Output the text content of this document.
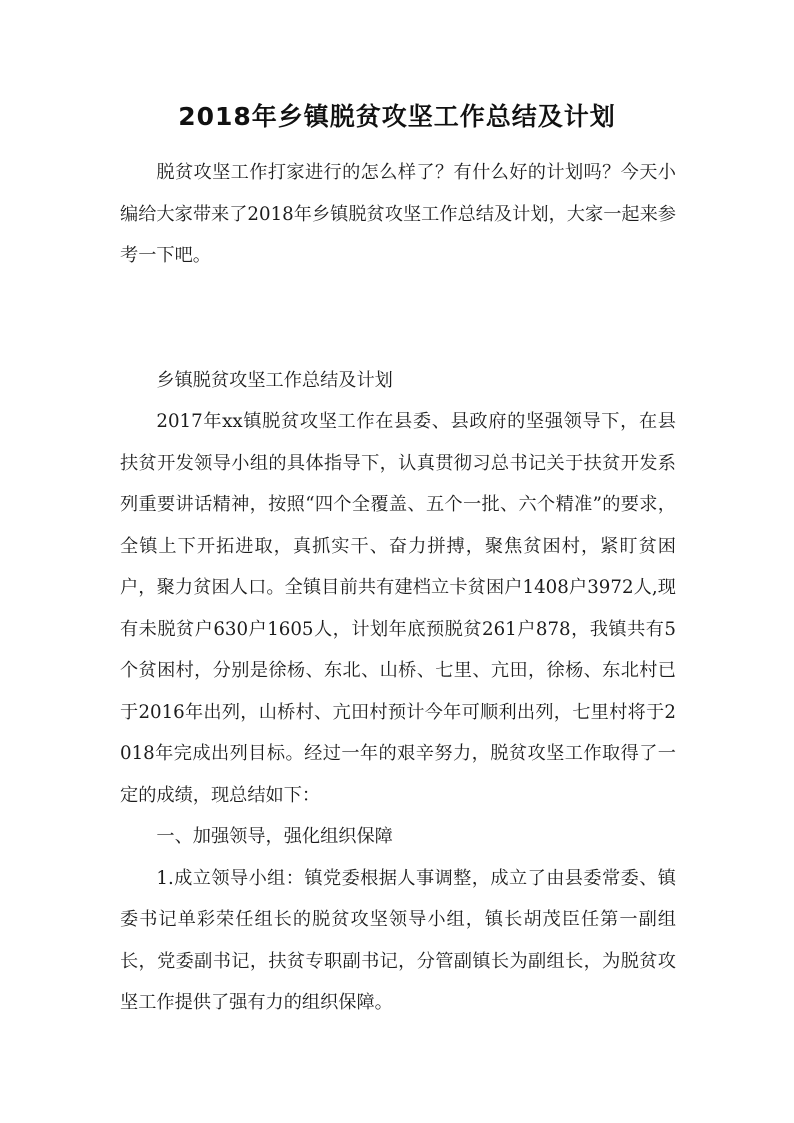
2018年乡镇脱贫攻坚工作总结及计划

脱贫攻坚工作打家进行的怎么样了？有什么好的计划吗？今天小编给大家带来了2018年乡镇脱贫攻坚工作总结及计划，大家一起来参考一下吧。

乡镇脱贫攻坚工作总结及计划

2017年xx镇脱贫攻坚工作在县委、县政府的坚强领导下，在县扶贫开发领导小组的具体指导下，认真贯彻习总书记关于扶贫开发系列重要讲话精神，按照“四个全覆盖、五个一批、六个精准”的要求，全镇上下开拓进取，真抓实干、奋力拼搏，聚焦贫困村，紧盯贫困户，聚力贫困人口。全镇目前共有建档立卡贫困户1408户3972人,现有未脱贫户630户1605人，计划年底预脱贫261户878，我镇共有5个贫困村，分别是徐杨、东北、山桥、七里、亢田，徐杨、东北村已于2016年出列，山桥村、亢田村预计今年可顺利出列，七里村将于2018年完成出列目标。经过一年的艰辛努力，脱贫攻坚工作取得了一定的成绩，现总结如下：

一、加强领导，强化组织保障

1.成立领导小组：镇党委根据人事调整，成立了由县委常委、镇委书记单彩荣任组长的脱贫攻坚领导小组，镇长胡茂臣任第一副组长，党委副书记，扶贫专职副书记，分管副镇长为副组长，为脱贫攻坚工作提供了强有力的组织保障。
